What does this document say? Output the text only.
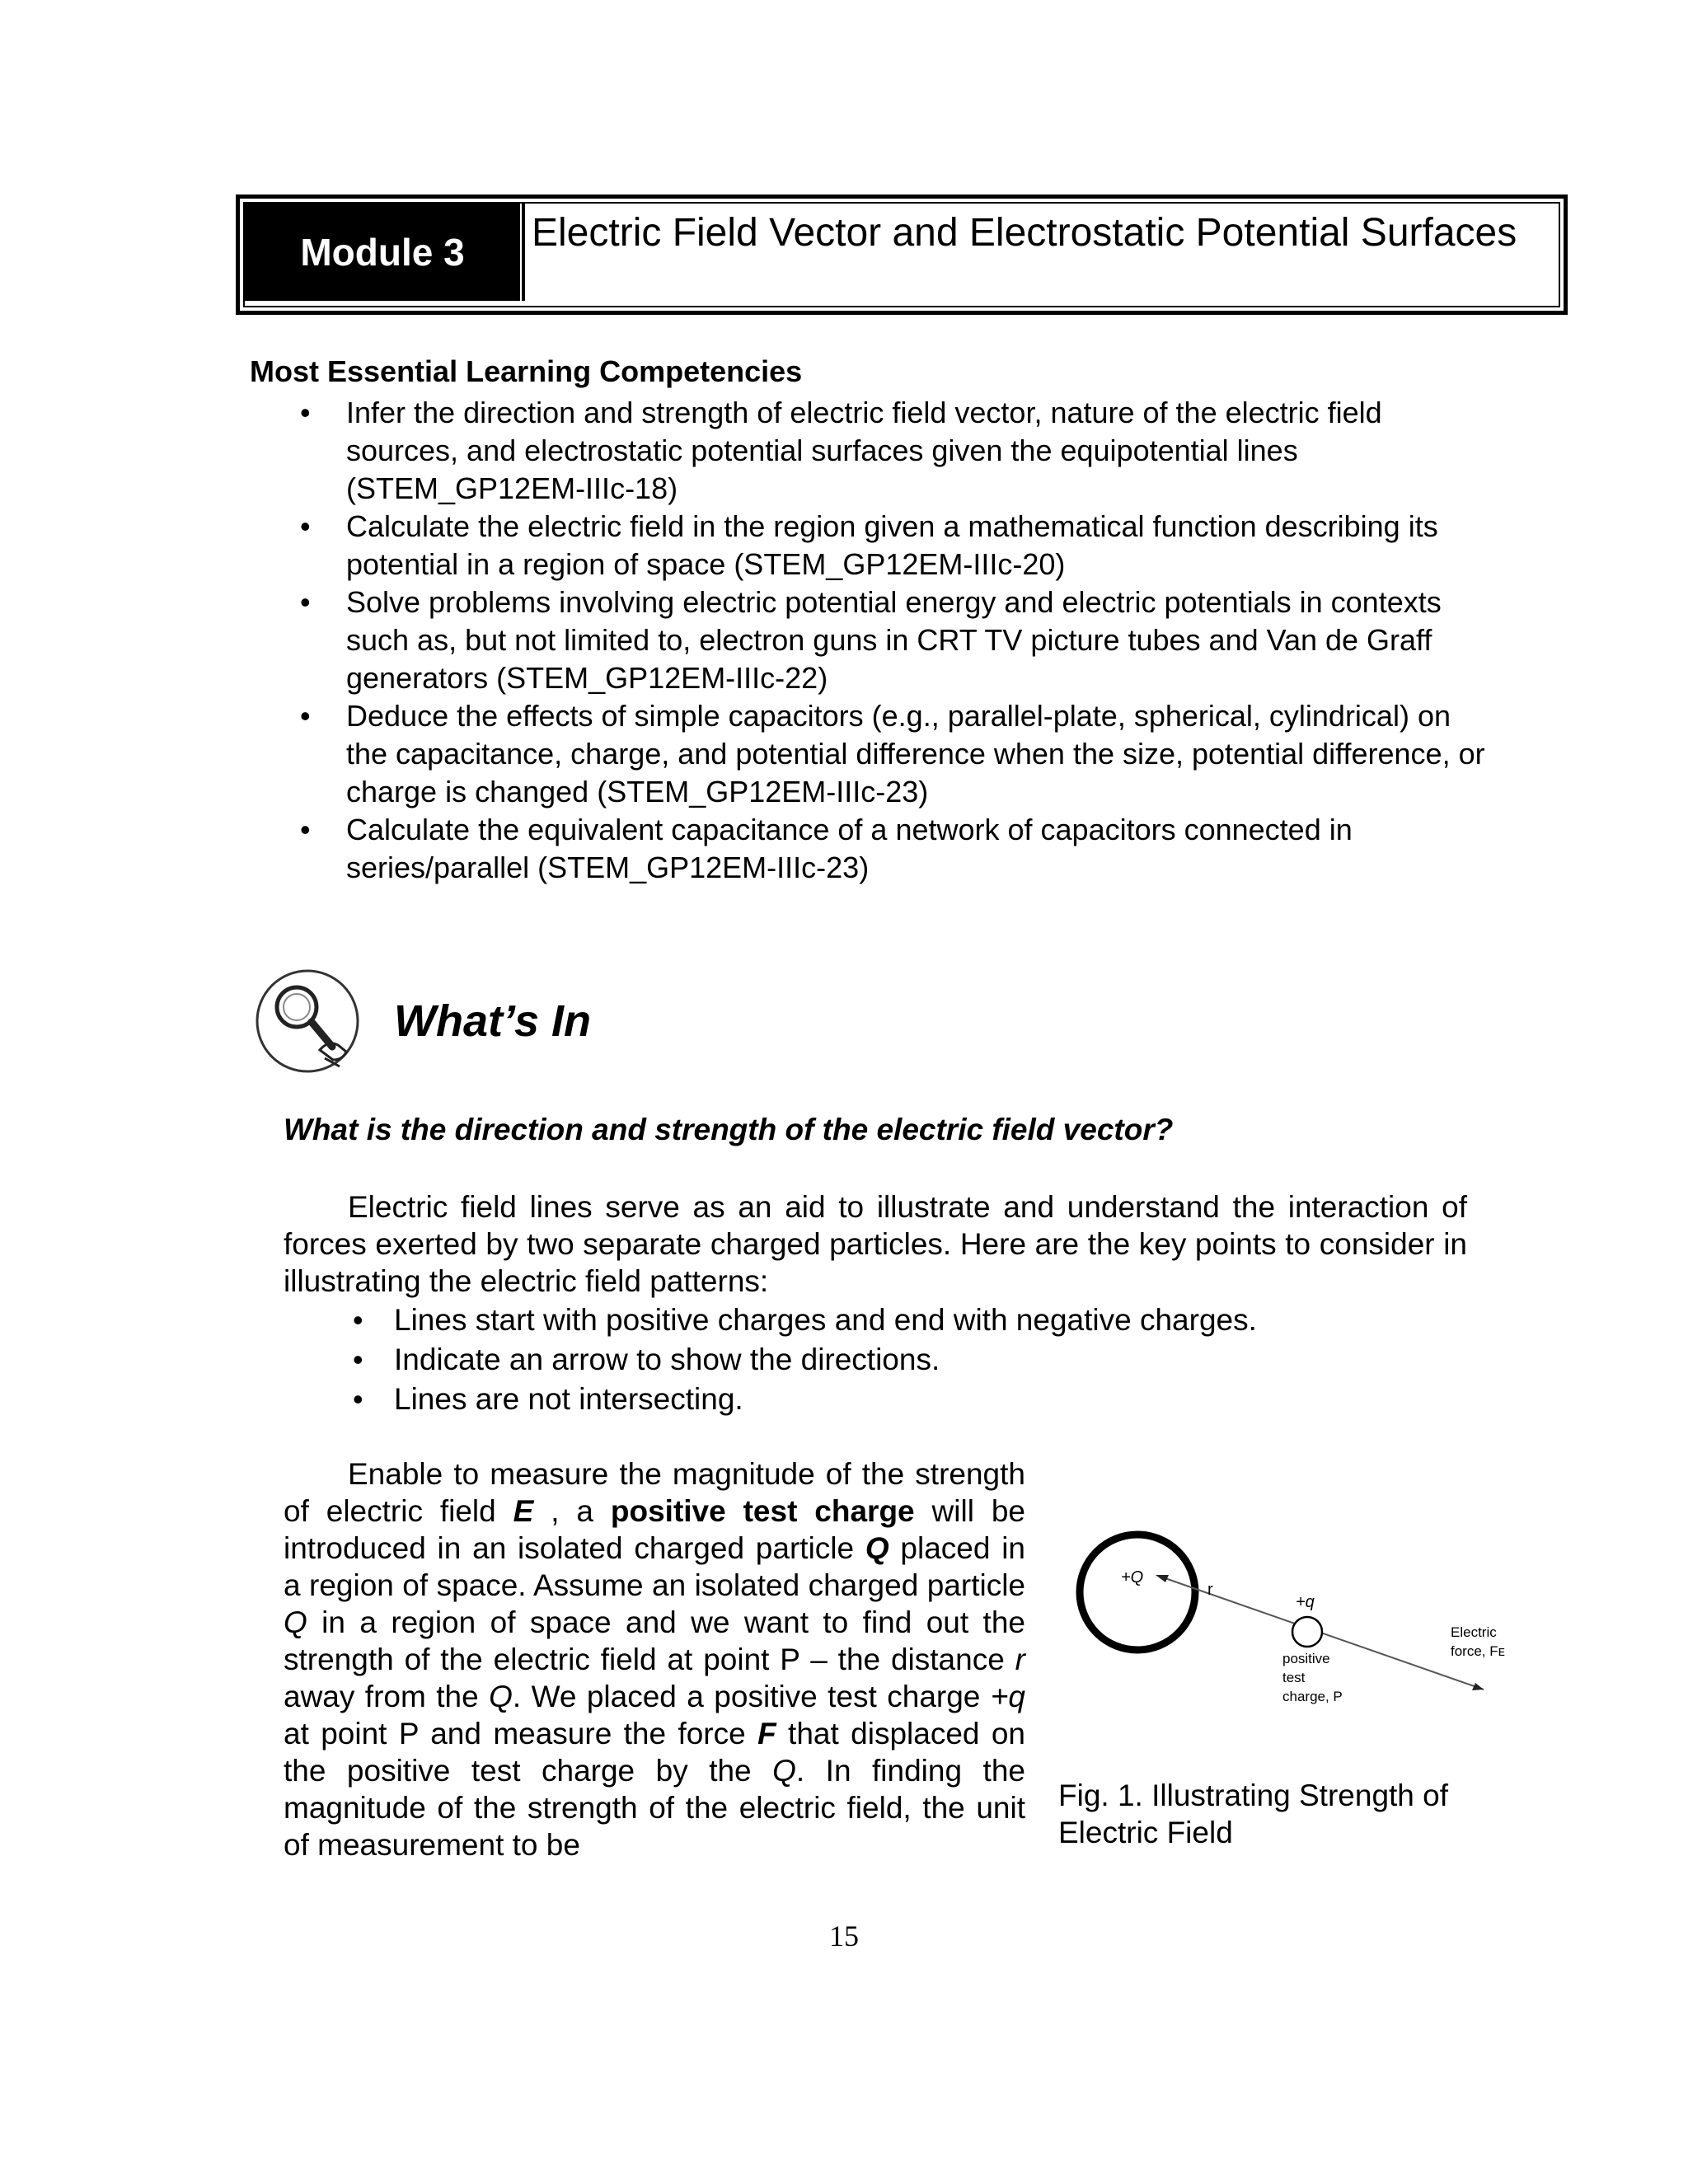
Module 3	Electric Field Vector and Electrostatic Potential Surfaces
Most Essential Learning Competencies
• Infer the direction and strength of electric field vector, nature of the electric field sources, and electrostatic potential surfaces given the equipotential lines (STEM_GP12EM-IIIc-18)
• Calculate the electric field in the region given a mathematical function describing its potential in a region of space (STEM_GP12EM-IIIc-20)
• Solve problems involving electric potential energy and electric potentials in contexts such as, but not limited to, electron guns in CRT TV picture tubes and Van de Graff generators (STEM_GP12EM-IIIc-22)
• Deduce the effects of simple capacitors (e.g., parallel-plate, spherical, cylindrical) on the capacitance, charge, and potential difference when the size, potential difference, or charge is changed (STEM_GP12EM-IIIc-23)
• Calculate the equivalent capacitance of a network of capacitors connected in series/parallel (STEM_GP12EM-IIIc-23)
What’s In
What is the direction and strength of the electric field vector?
Electric field lines serve as an aid to illustrate and understand the interaction of forces exerted by two separate charged particles. Here are the key points to consider in illustrating the electric field patterns:
• Lines start with positive charges and end with negative charges.
• Indicate an arrow to show the directions.
• Lines are not intersecting.
Enable to measure the magnitude of the strength of electric field E , a positive test charge will be introduced in an isolated charged particle Q placed in a region of space. Assume an isolated charged particle Q in a region of space and we want to find out the strength of the electric field at point P – the distance r away from the Q. We placed a positive test charge +q at point P and measure the force F that displaced on the positive test charge by the Q. In finding the magnitude of the strength of the electric field, the unit of measurement to be
+Q
r
+q
positive test charge, P
Electric force, Fᴇ
Fig. 1. Illustrating Strength of Electric Field
15
